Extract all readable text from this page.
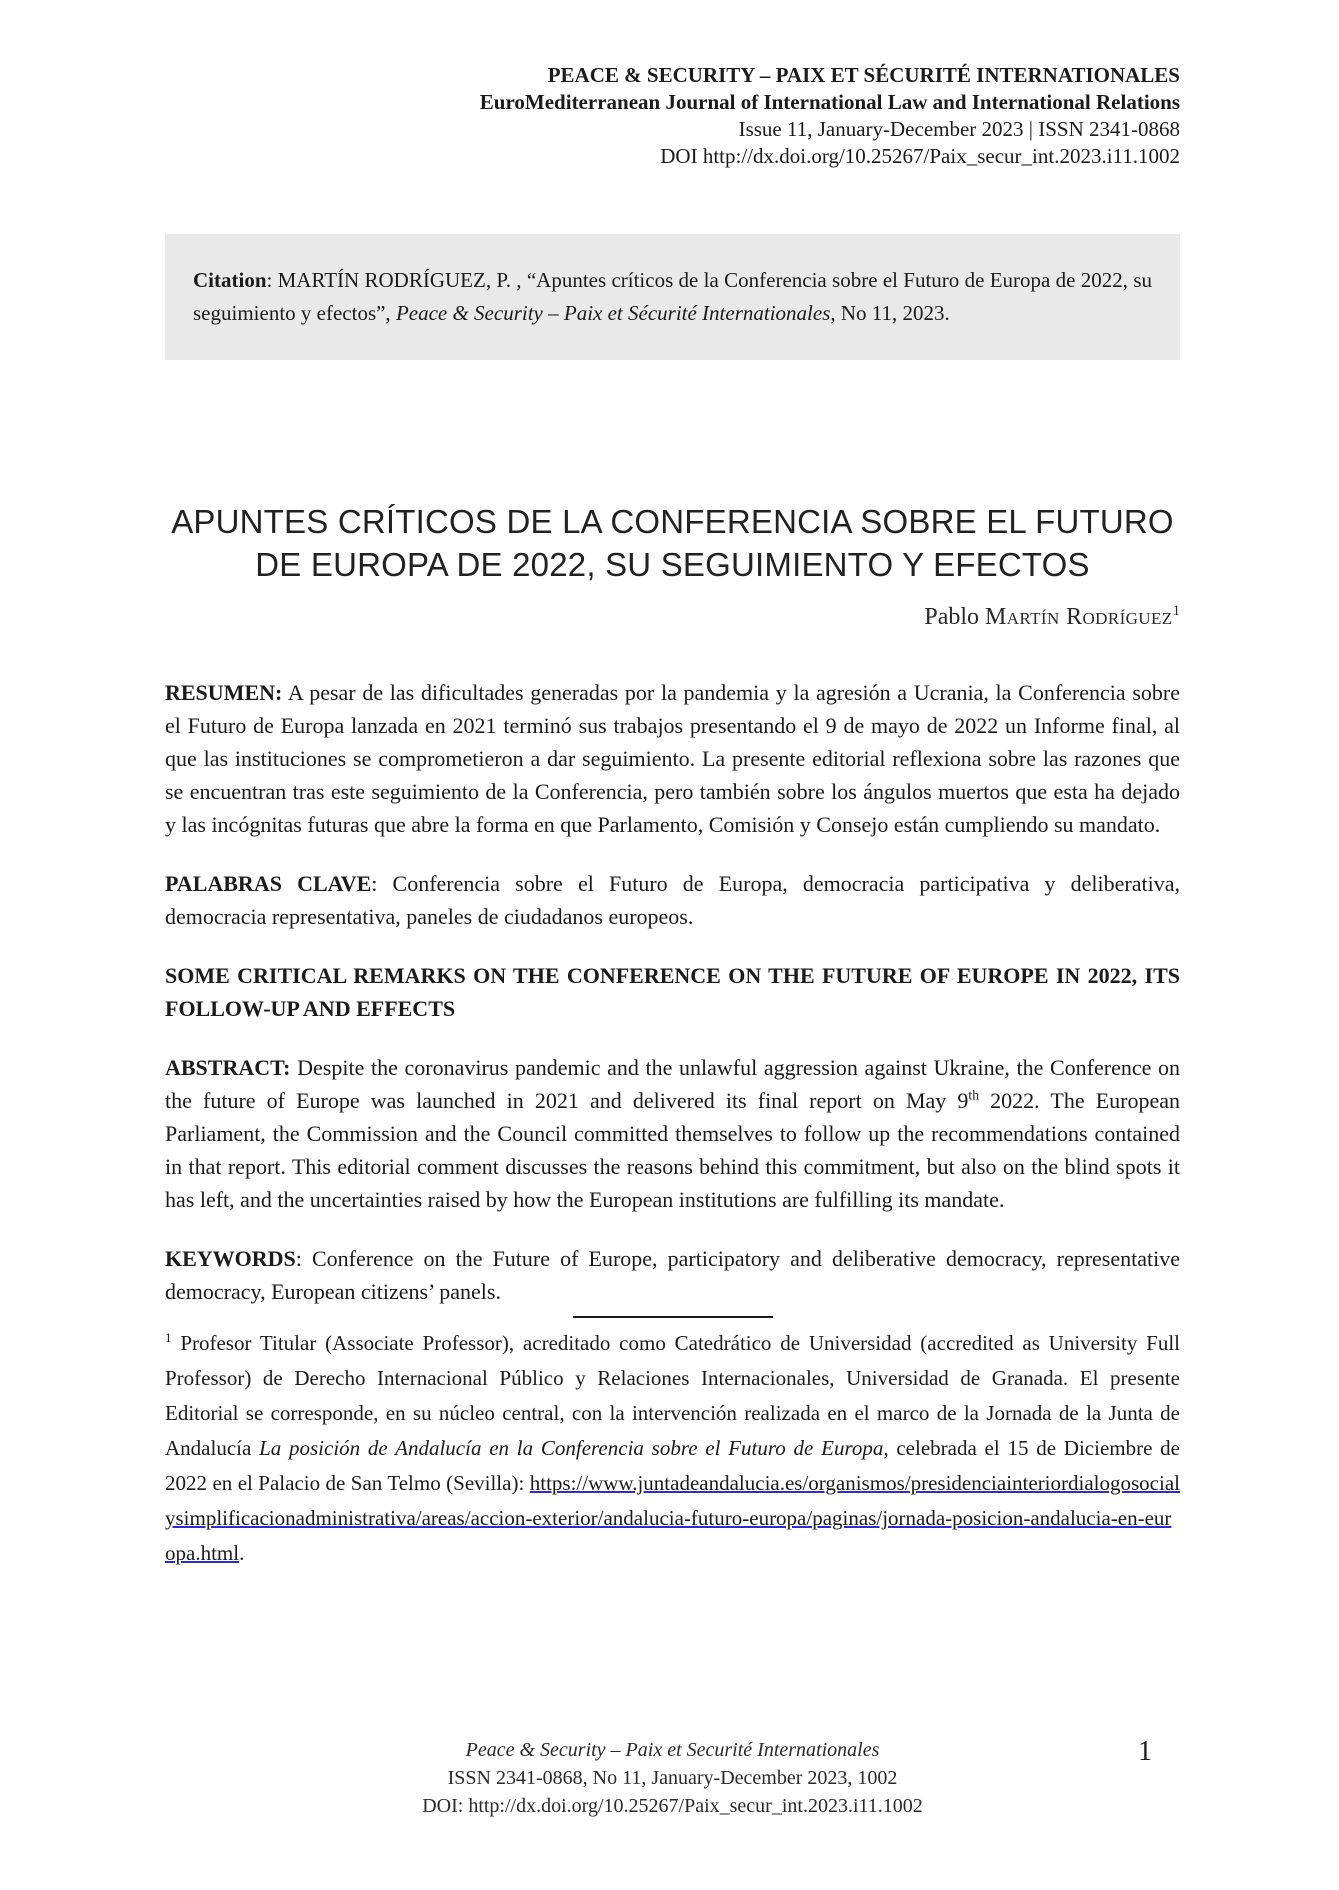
PEACE & SECURITY – PAIX ET SÉCURITÉ INTERNATIONALES
EuroMediterranean Journal of International Law and International Relations
Issue 11, January-December 2023 | ISSN 2341-0868
DOI http://dx.doi.org/10.25267/Paix_secur_int.2023.i11.1002
Citation: MARTÍN RODRÍGUEZ, P. , “Apuntes críticos de la Conferencia sobre el Futuro de Europa de 2022, su seguimiento y efectos”, Peace & Security – Paix et Sécurité Internationales, No 11, 2023.
APUNTES CRÍTICOS DE LA CONFERENCIA SOBRE EL FUTURO
DE EUROPA DE 2022, SU SEGUIMIENTO Y EFECTOS
Pablo Martín Rodríguez$^1$
RESUMEN: A pesar de las dificultades generadas por la pandemia y la agresión a Ucrania, la Conferencia sobre el Futuro de Europa lanzada en 2021 terminó sus trabajos presentando el 9 de mayo de 2022 un Informe final, al que las instituciones se comprometieron a dar seguimiento. La presente editorial reflexiona sobre las razones que se encuentran tras este seguimiento de la Conferencia, pero también sobre los ángulos muertos que esta ha dejado y las incógnitas futuras que abre la forma en que Parlamento, Comisión y Consejo están cumpliendo su mandato.
PALABRAS CLAVE: Conferencia sobre el Futuro de Europa, democracia participativa y deliberativa, democracia representativa, paneles de ciudadanos europeos.
SOME CRITICAL REMARKS ON THE CONFERENCE ON THE FUTURE OF EUROPE IN 2022, ITS FOLLOW-UP AND EFFECTS
ABSTRACT: Despite the coronavirus pandemic and the unlawful aggression against Ukraine, the Conference on the future of Europe was launched in 2021 and delivered its final report on May 9th 2022. The European Parliament, the Commission and the Council committed themselves to follow up the recommendations contained in that report. This editorial comment discusses the reasons behind this commitment, but also on the blind spots it has left, and the uncertainties raised by how the European institutions are fulfilling its mandate.
KEYWORDS: Conference on the Future of Europe, participatory and deliberative democracy, representative democracy, European citizens’ panels.
$^1$ Profesor Titular (Associate Professor), acreditado como Catedrático de Universidad (accredited as University Full Professor) de Derecho Internacional Público y Relaciones Internacionales, Universidad de Granada. El presente Editorial se corresponde, en su núcleo central, con la intervención realizada en el marco de la Jornada de la Junta de Andalucía La posición de Andalucía en la Conferencia sobre el Futuro de Europa, celebrada el 15 de Diciembre de 2022 en el Palacio de San Telmo (Sevilla): https://www.juntadeandalucia.es/organismos/presidenciainteriordialogosocialysimplificacionadministrativa/areas/accion-exterior/andalucia-futuro-europa/paginas/jornada-posicion-andalucia-en-europa.html.
Peace & Security – Paix et Securité Internationales
ISSN 2341-0868, No 11, January-December 2023, 1002
DOI: http://dx.doi.org/10.25267/Paix_secur_int.2023.i11.1002
1
